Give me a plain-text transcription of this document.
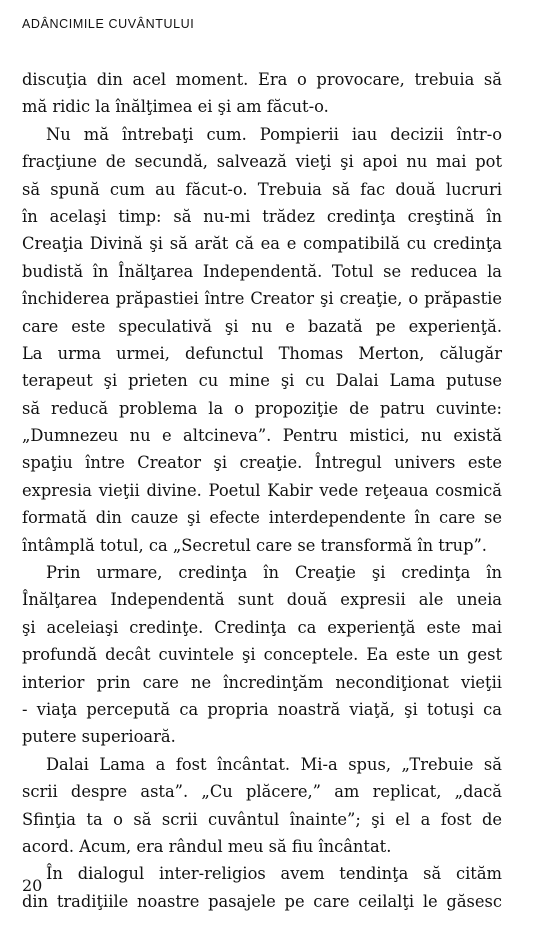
ADÂNCIMILE CUVÂNTULUI
discuţia din acel moment. Era o provocare, trebuia să
mă ridic la înălţimea ei şi am făcut-o.
Nu mă întrebaţi cum. Pompierii iau decizii într-o
fracţiune de secundă, salvează vieţi şi apoi nu mai pot
să spună cum au făcut-o. Trebuia să fac două lucruri
în acelaşi timp: să nu-mi trădez credinţa creştină în
Creaţia Divină şi să arăt că ea e compatibilă cu credinţa
budistă în Înălţarea Independentă. Totul se reducea la
închiderea prăpastiei între Creator şi creaţie, o prăpastie
care este speculativă şi nu e bazată pe experienţă.
La urma urmei, defunctul Thomas Merton, călugăr
terapeut şi prieten cu mine şi cu Dalai Lama putuse
să reducă problema la o propoziţie de patru cuvinte:
„Dumnezeu nu e altcineva”. Pentru mistici, nu există
spaţiu între Creator şi creaţie. Întregul univers este
expresia vieţii divine. Poetul Kabir vede reţeaua cosmică
formată din cauze şi efecte interdependente în care se
întâmplă totul, ca „Secretul care se transformă în trup”.
Prin urmare, credinţa în Creaţie şi credinţa în
Înălţarea Independentă sunt două expresii ale uneia
şi aceleiaşi credinţe. Credinţa ca experienţă este mai
profundă decât cuvintele şi conceptele. Ea este un gest
interior prin care ne încredinţăm necondiţionat vieţii
- viaţa percepută ca propria noastră viaţă, şi totuşi ca
putere superioară.
Dalai Lama a fost încântat. Mi-a spus, „Trebuie să
scrii despre asta”. „Cu plăcere,” am replicat, „dacă
Sfinţia ta o să scrii cuvântul înainte”; şi el a fost de
acord. Acum, era rândul meu să fiu încântat.
În dialogul inter-religios avem tendinţa să cităm
din tradiţiile noastre pasajele pe care ceilalţi le găsesc
20
